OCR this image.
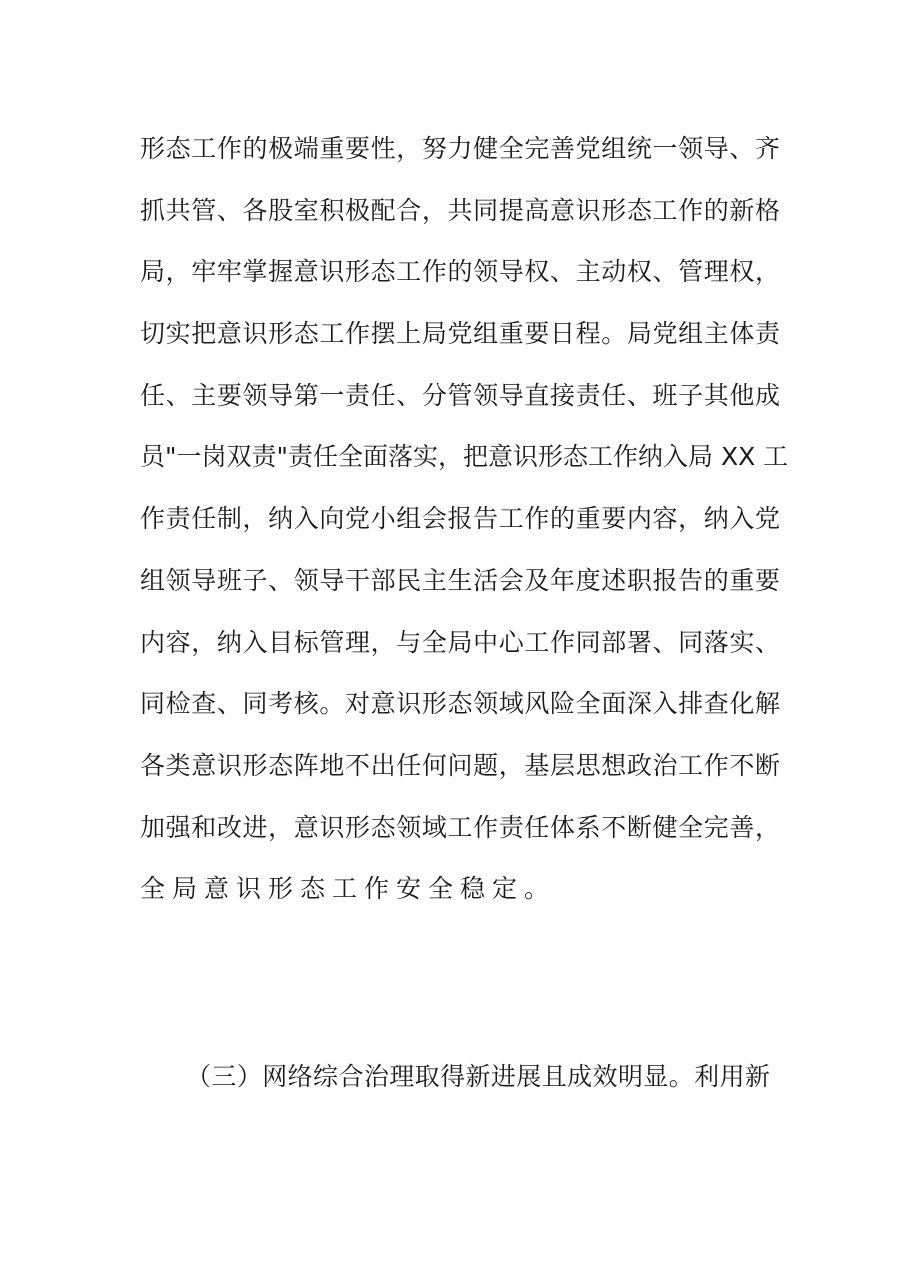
形态工作的极端重要性，努力健全完善党组统一领导、齐
抓共管、各股室积极配合，共同提高意识形态工作的新格
局，牢牢掌握意识形态工作的领导权、主动权、管理权，
切实把意识形态工作摆上局党组重要日程。局党组主体责
任、主要领导第一责任、分管领导直接责任、班子其他成
员"一岗双责"责任全面落实，把意识形态工作纳入局 XX 工
作责任制，纳入向党小组会报告工作的重要内容，纳入党
组领导班子、领导干部民主生活会及年度述职报告的重要
内容，纳入目标管理，与全局中心工作同部署、同落实、
同检查、同考核。对意识形态领域风险全面深入排查化解
各类意识形态阵地不出任何问题，基层思想政治工作不断
加强和改进，意识形态领域工作责任体系不断健全完善，
全局意识形态工作安全稳定。
（三）网络综合治理取得新进展且成效明显。利用新
